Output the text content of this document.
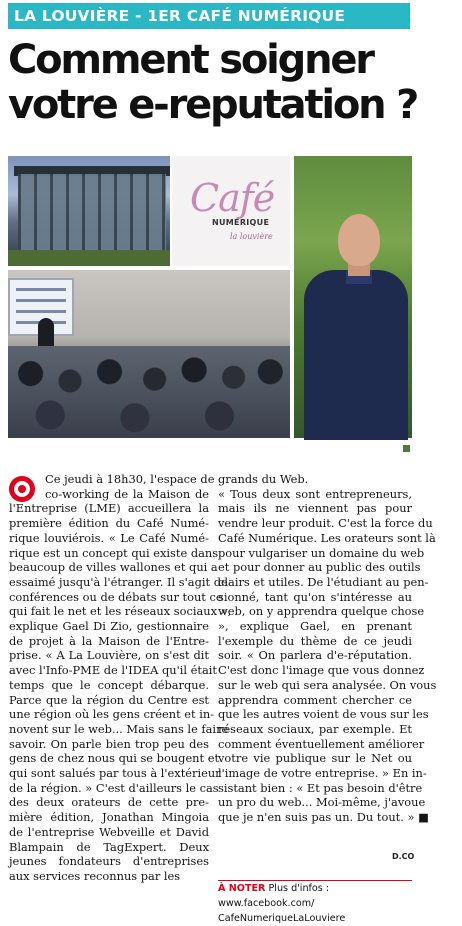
LA LOUVIÈRE - 1ER CAFÉ NUMÉRIQUE
Comment soigner
votre e-reputation ?
Café
NUMÉRIQUE
la louvière
Ce jeudi à 18h30, l'espace de
co-working de la Maison de
l'Entreprise (LME) accueillera la
première édition du Café Numé-
rique louviérois. « Le Café Numé-
rique est un concept qui existe dans
beaucoup de villes wallones et qui a
essaimé jusqu'à l'étranger. Il s'agit de
conférences ou de débats sur tout ce
qui fait le net et les réseaux sociaux »,
explique Gael Di Zio, gestionnaire
de projet à la Maison de l'Entre-
prise. « A La Louvière, on s'est dit
avec l'Info-PME de l'IDEA qu'il était
temps que le concept débarque.
Parce que la région du Centre est
une région où les gens créent et in-
novent sur le web... Mais sans le faire
savoir. On parle bien trop peu des
gens de chez nous qui se bougent et
qui sont salués par tous à l'extérieur
de la région. » C'est d'ailleurs le cas
des deux orateurs de cette pre-
mière édition, Jonathan Mingoia
de l'entreprise Webveille et David
Blampain de TagExpert. Deux
jeunes fondateurs d'entreprises
aux services reconnus par les
grands du Web.
« Tous deux sont entrepreneurs,
mais ils ne viennent pas pour
vendre leur produit. C'est la force du
Café Numérique. Les orateurs sont là
pour vulgariser un domaine du web
et pour donner au public des outils
clairs et utiles. De l'étudiant au pen-
sionné, tant qu'on s'intéresse au
web, on y apprendra quelque chose
», explique Gael, en prenant
l'exemple du thème de ce jeudi
soir. « On parlera d'e-réputation.
C'est donc l'image que vous donnez
sur le web qui sera analysée. On vous
apprendra comment chercher ce
que les autres voient de vous sur les
réseaux sociaux, par exemple. Et
comment éventuellement améliorer
votre vie publique sur le Net ou
l'image de votre entreprise. » En in-
sistant bien : « Et pas besoin d'être
un pro du web... Moi-même, j'avoue
que je n'en suis pas un. Du tout. » ■
D.CO
À NOTER Plus d'infos : www.facebook.com/
CafeNumeriqueLaLouviere
